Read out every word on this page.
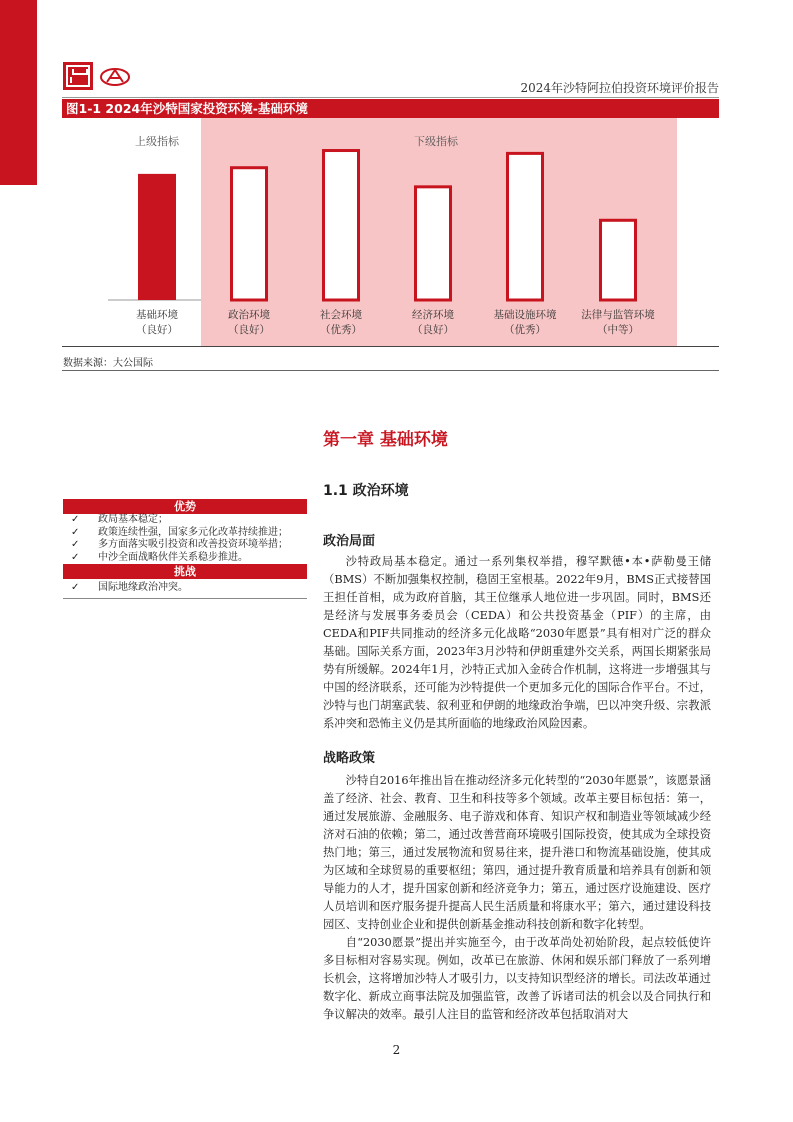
2024年沙特阿拉伯投资环境评价报告
图1-1 2024年沙特国家投资环境-基础环境
上级指标	下级指标
基础环境
（良好）
政治环境
（良好）
社会环境
（优秀）
经济环境
（良好）
基础设施环境
（优秀）
法律与监管环境
（中等）
数据来源：大公国际
第一章 基础环境
1.1 政治环境
优势
✓ 政局基本稳定；
✓ 政策连续性强，国家多元化改革持续推进；
✓ 多方面落实吸引投资和改善投资环境举措；
✓ 中沙全面战略伙伴关系稳步推进。
挑战
✓ 国际地缘政治冲突。
政治局面
沙特政局基本稳定。通过一系列集权举措，穆罕默德•本•萨勒曼王储（BMS）不断加强集权控制，稳固王室根基。2022年9月，BMS正式接替国王担任首相，成为政府首脑，其王位继承人地位进一步巩固。同时，BMS还是经济与发展事务委员会（CEDA）和公共投资基金（PIF）的主席，由CEDA和PIF共同推动的经济多元化战略“2030年愿景”具有相对广泛的群众基础。国际关系方面，2023年3月沙特和伊朗重建外交关系，两国长期紧张局势有所缓解。2024年1月，沙特正式加入金砖合作机制，这将进一步增强其与中国的经济联系，还可能为沙特提供一个更加多元化的国际合作平台。不过，沙特与也门胡塞武装、叙利亚和伊朗的地缘政治争端，巴以冲突升级、宗教派系冲突和恐怖主义仍是其所面临的地缘政治风险因素。
战略政策
沙特自2016年推出旨在推动经济多元化转型的“2030年愿景”，该愿景涵盖了经济、社会、教育、卫生和科技等多个领域。改革主要目标包括：第一，通过发展旅游、金融服务、电子游戏和体育、知识产权和制造业等领域减少经济对石油的依赖；第二，通过改善营商环境吸引国际投资，使其成为全球投资热门地；第三，通过发展物流和贸易往来，提升港口和物流基础设施，使其成为区域和全球贸易的重要枢纽；第四，通过提升教育质量和培养具有创新和领导能力的人才，提升国家创新和经济竞争力；第五，通过医疗设施建设、医疗人员培训和医疗服务提升提高人民生活质量和将康水平；第六，通过建设科技园区、支持创业企业和提供创新基金推动科技创新和数字化转型。
自“2030愿景”提出并实施至今，由于改革尚处初始阶段，起点较低使许多目标相对容易实现。例如，改革已在旅游、休闲和娱乐部门释放了一系列增长机会，这将增加沙特人才吸引力，以支持知识型经济的增长。司法改革通过数字化、新成立商事法院及加强监管，改善了诉诸司法的机会以及合同执行和争议解决的效率。最引人注目的监管和经济改革包括取消对大
2
